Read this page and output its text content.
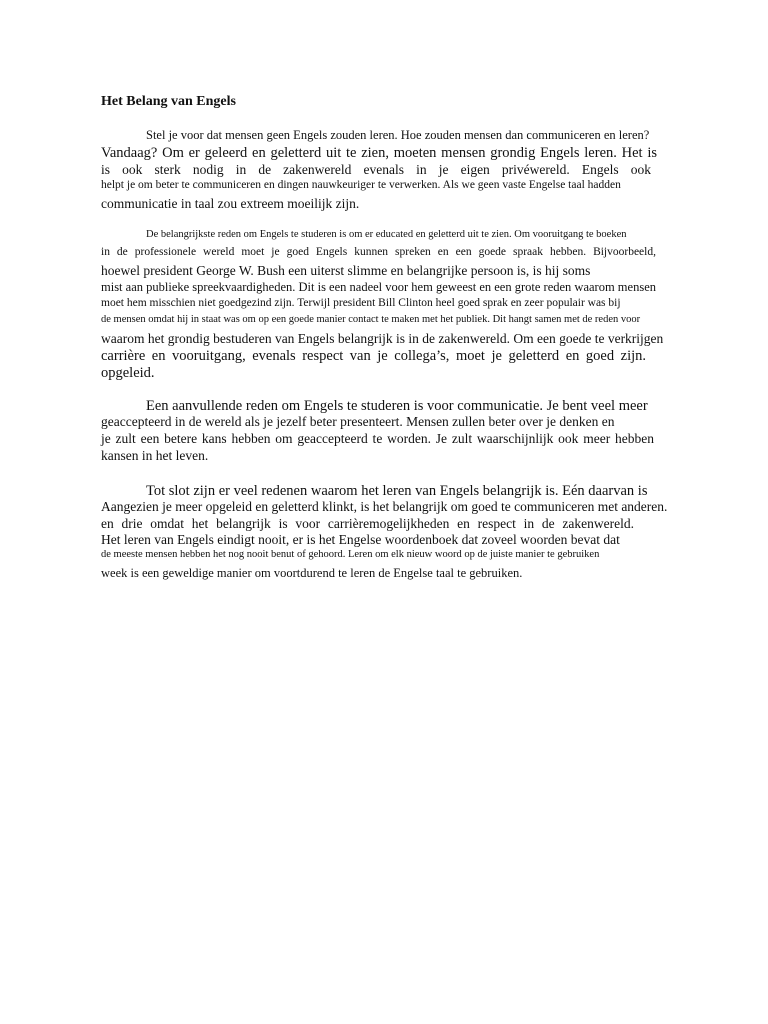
Het Belang van Engels
Stel je voor dat mensen geen Engels zouden leren. Hoe zouden mensen dan communiceren en leren?
Vandaag? Om er geleerd en geletterd uit te zien, moeten mensen grondig Engels leren. Het is
is ook sterk nodig in de zakenwereld evenals in je eigen privéwereld. Engels ook
helpt je om beter te communiceren en dingen nauwkeuriger te verwerken. Als we geen vaste Engelse taal hadden
communicatie in taal zou extreem moeilijk zijn.
De belangrijkste reden om Engels te studeren is om er educated en geletterd uit te zien. Om vooruitgang te boeken
in de professionele wereld moet je goed Engels kunnen spreken en een goede spraak hebben. Bijvoorbeeld,
hoewel president George W. Bush een uiterst slimme en belangrijke persoon is, is hij soms
mist aan publieke spreekvaardigheden. Dit is een nadeel voor hem geweest en een grote reden waarom mensen
moet hem misschien niet goedgezind zijn. Terwijl president Bill Clinton heel goed sprak en zeer populair was bij
de mensen omdat hij in staat was om op een goede manier contact te maken met het publiek. Dit hangt samen met de reden voor
waarom het grondig bestuderen van Engels belangrijk is in de zakenwereld. Om een goede te verkrijgen
carrière en vooruitgang, evenals respect van je collega’s, moet je geletterd en goed zijn.
opgeleid.
Een aanvullende reden om Engels te studeren is voor communicatie. Je bent veel meer
geaccepteerd in de wereld als je jezelf beter presenteert. Mensen zullen beter over je denken en
je zult een betere kans hebben om geaccepteerd te worden. Je zult waarschijnlijk ook meer hebben
kansen in het leven.
Tot slot zijn er veel redenen waarom het leren van Engels belangrijk is. Eén daarvan is
Aangezien je meer opgeleid en geletterd klinkt, is het belangrijk om goed te communiceren met anderen.
en drie omdat het belangrijk is voor carrièremogelijkheden en respect in de zakenwereld.
Het leren van Engels eindigt nooit, er is het Engelse woordenboek dat zoveel woorden bevat dat
de meeste mensen hebben het nog nooit benut of gehoord. Leren om elk nieuw woord op de juiste manier te gebruiken
week is een geweldige manier om voortdurend te leren de Engelse taal te gebruiken.
